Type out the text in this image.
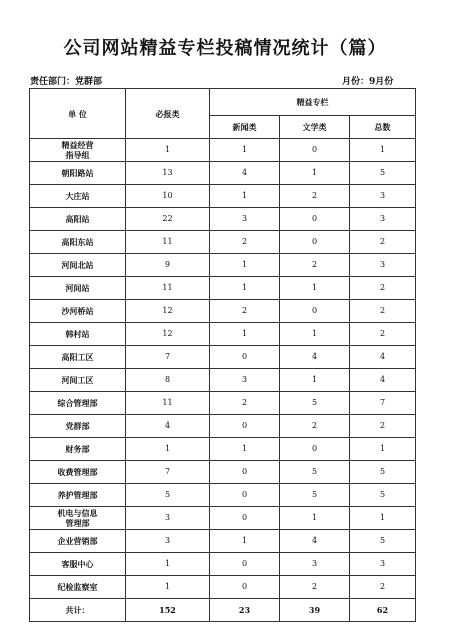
公司网站精益专栏投稿情况统计（篇）
责任部门：党群部	月份：9月份
单 位	必报类	精益专栏		
		新闻类	文学类	总数
精益经营
指导组	1	1	0	1
朝阳路站	13	4	1	5
大庄站	10	1	2	3
高阳站	22	3	0	3
高阳东站	11	2	0	2
河间北站	9	1	2	3
河间站	11	1	1	2
沙河桥站	12	2	0	2
韩村站	12	1	1	2
高阳工区	7	0	4	4
河间工区	8	3	1	4
综合管理部	11	2	5	7
党群部	4	0	2	2
财务部	1	1	0	1
收费管理部	7	0	5	5
养护管理部	5	0	5	5
机电与信息
管理部	3	0	1	1
企业营销部	3	1	4	5
客服中心	1	0	3	3
纪检监察室	1	0	2	2
共计：	152	23	39	62
